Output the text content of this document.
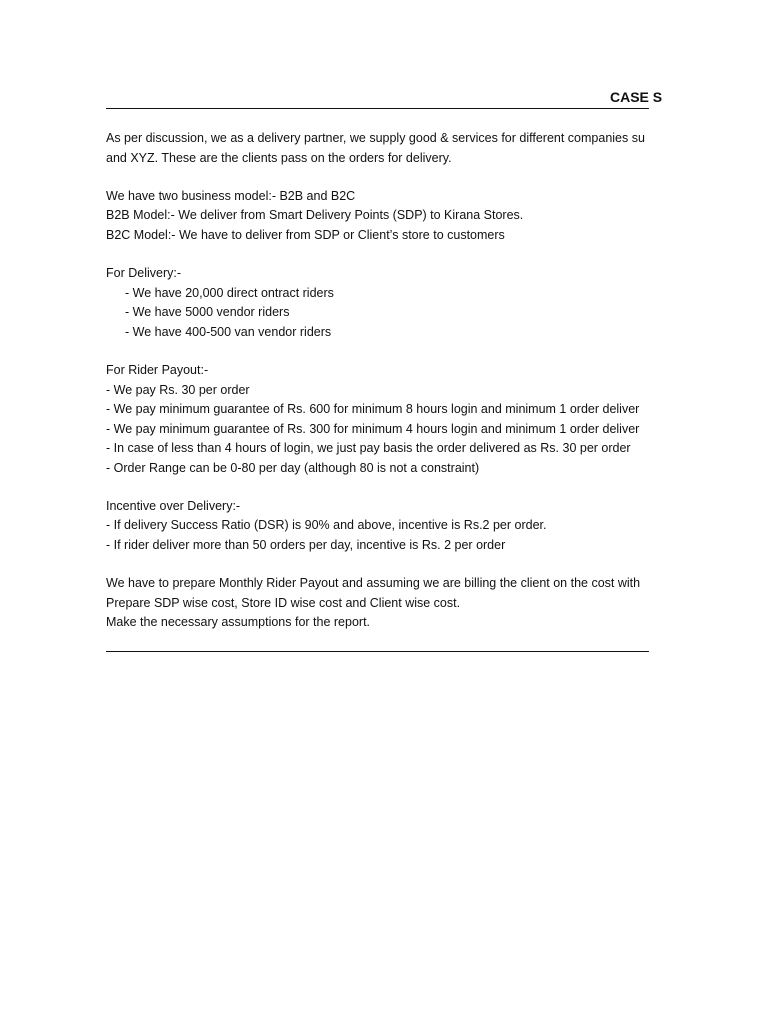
CASE S
As per discussion, we as a delivery partner, we supply good & services for different companies su
and XYZ. These are the clients pass on the orders for delivery.
We have two business model:- B2B and B2C
B2B Model:- We deliver from Smart Delivery Points (SDP) to Kirana Stores.
B2C Model:- We have to deliver from SDP or Client’s store to customers
For Delivery:-
- We have 20,000 direct ontract riders
- We have 5000 vendor riders
- We have 400-500 van vendor riders
For Rider Payout:-
- We pay Rs. 30 per order
- We pay minimum guarantee of Rs. 600 for minimum 8 hours login and minimum 1 order deliver
- We pay minimum guarantee of Rs. 300 for minimum 4 hours login and minimum 1 order deliver
- In case of less than 4 hours of login, we just pay basis the order delivered as Rs. 30 per order
- Order Range can be 0-80 per day (although 80 is not a constraint)
Incentive over Delivery:-
- If delivery Success Ratio (DSR) is 90% and above, incentive is Rs.2 per order.
- If rider deliver more than 50 orders per day, incentive is Rs. 2 per order
We have to prepare Monthly Rider Payout and assuming we are billing the client on the cost with
Prepare SDP wise cost, Store ID wise cost and Client wise cost.
Make the necessary assumptions for the report.
